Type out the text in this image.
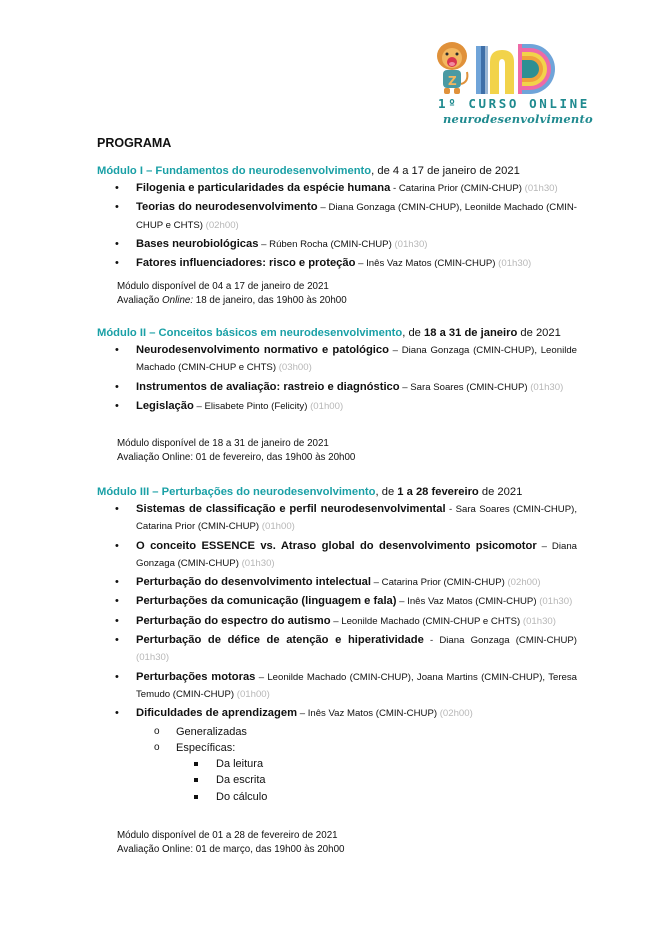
Z
1º CURSO ONLINE
neurodesenvolvimento
PROGRAMA
Módulo I – Fundamentos do neurodesenvolvimento, de 4 a 17 de janeiro de 2021
• Filogenia e particularidades da espécie humana - Catarina Prior (CMIN-CHUP) (01h30)
• Teorias do neurodesenvolvimento – Diana Gonzaga (CMIN-CHUP), Leonilde Machado (CMIN-CHUP e CHTS) (02h00)
• Bases neurobiológicas – Rúben Rocha (CMIN-CHUP) (01h30)
• Fatores influenciadores: risco e proteção – Inês Vaz Matos (CMIN-CHUP) (01h30)
Módulo disponível de 04 a 17 de janeiro de 2021
Avaliação Online: 18 de janeiro, das 19h00 às 20h00
Módulo II – Conceitos básicos em neurodesenvolvimento, de 18 a 31 de janeiro de 2021
• Neurodesenvolvimento normativo e patológico – Diana Gonzaga (CMIN-CHUP), Leonilde Machado (CMIN-CHUP e CHTS) (03h00)
• Instrumentos de avaliação: rastreio e diagnóstico – Sara Soares (CMIN-CHUP) (01h30)
• Legislação – Elisabete Pinto (Felicity) (01h00)
Módulo disponível de 18 a 31 de janeiro de 2021
Avaliação Online: 01 de fevereiro, das 19h00 às 20h00
Módulo III – Perturbações do neurodesenvolvimento, de 1 a 28 fevereiro de 2021
• Sistemas de classificação e perfil neurodesenvolvimental - Sara Soares (CMIN-CHUP), Catarina Prior (CMIN-CHUP) (01h00)
• O conceito ESSENCE vs. Atraso global do desenvolvimento psicomotor – Diana Gonzaga (CMIN-CHUP) (01h30)
• Perturbação do desenvolvimento intelectual – Catarina Prior (CMIN-CHUP) (02h00)
• Perturbações da comunicação (linguagem e fala) – Inês Vaz Matos (CMIN-CHUP) (01h30)
• Perturbação do espectro do autismo – Leonilde Machado (CMIN-CHUP e CHTS) (01h30)
• Perturbação de défice de atenção e hiperatividade - Diana Gonzaga (CMIN-CHUP) (01h30)
• Perturbações motoras – Leonilde Machado (CMIN-CHUP), Joana Martins (CMIN-CHUP), Teresa Temudo (CMIN-CHUP) (01h00)
• Dificuldades de aprendizagem – Inês Vaz Matos (CMIN-CHUP) (02h00)
o Generalizadas
o Específicas:
Da leitura
Da escrita
Do cálculo
Módulo disponível de 01 a 28 de fevereiro de 2021
Avaliação Online: 01 de março, das 19h00 às 20h00
